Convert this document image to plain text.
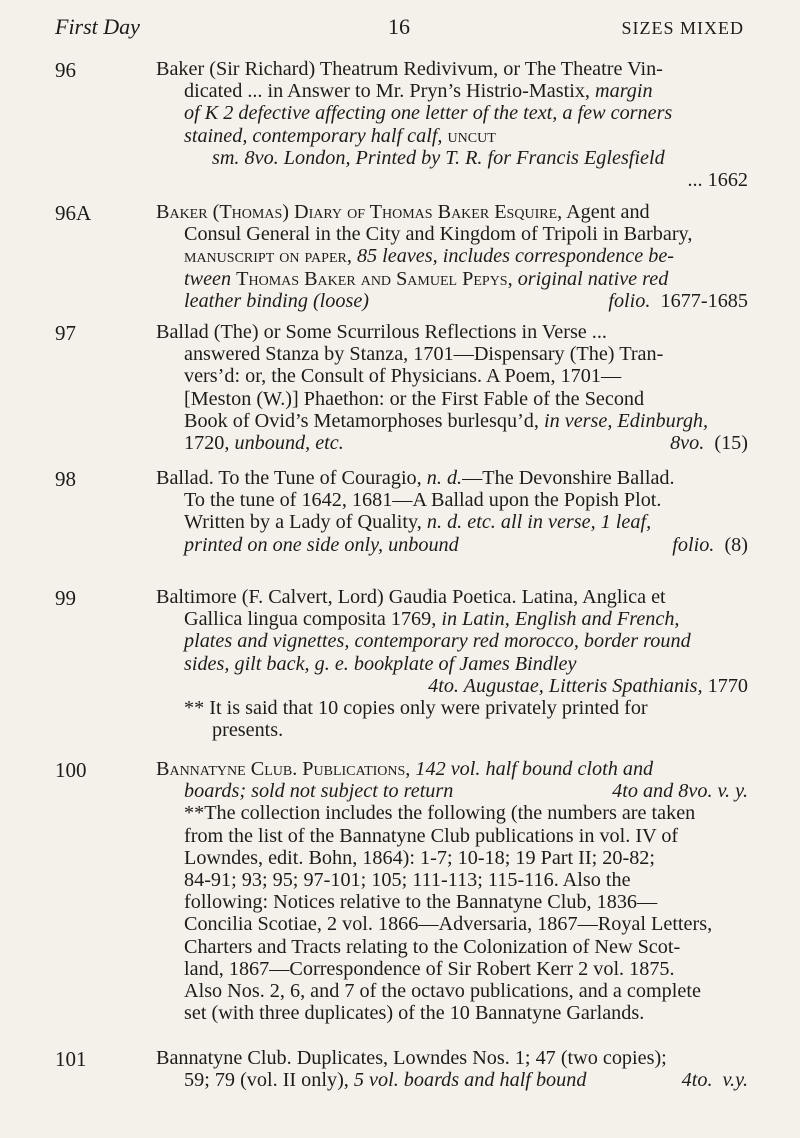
First Day	16	SIZES MIXED
96	Baker (Sir Richard) Theatrum Redivivum, or The Theatre Vin-
dicated ... in Answer to Mr. Pryn’s Histrio-Mastix, margin
of K 2 defective affecting one letter of the text, a few corners
stained, contemporary half calf, uncut
sm. 8vo. London, Printed by T. R. for Francis Eglesfield
... 1662
96A	Baker (Thomas) Diary of Thomas Baker Esquire, Agent and
Consul General in the City and Kingdom of Tripoli in Barbary,
manuscript on paper, 85 leaves, includes correspondence be-
tween Thomas Baker and Samuel Pepys, original native red
leather binding (loose)	folio.  1677-1685
97	Ballad (The) or Some Scurrilous Reflections in Verse ...
answered Stanza by Stanza, 1701—Dispensary (The) Tran-
vers’d: or, the Consult of Physicians. A Poem, 1701—
[Meston (W.)] Phaethon: or the First Fable of the Second
Book of Ovid’s Metamorphoses burlesqu’d, in verse, Edinburgh,
1720, unbound, etc.	8vo.  (15)
98	Ballad. To the Tune of Couragio, n. d.—The Devonshire Ballad.
To the tune of 1642, 1681—A Ballad upon the Popish Plot.
Written by a Lady of Quality, n. d. etc. all in verse, 1 leaf,
printed on one side only, unbound	folio.  (8)
99	Baltimore (F. Calvert, Lord) Gaudia Poetica. Latina, Anglica et
Gallica lingua composita 1769, in Latin, English and French,
plates and vignettes, contemporary red morocco, border round
sides, gilt back, g. e. bookplate of James Bindley
4to. Augustae, Litteris Spathianis, 1770
** It is said that 10 copies only were privately printed for
presents.
100	Bannatyne Club. Publications, 142 vol. half bound cloth and
boards; sold not subject to return	4to and 8vo. v. y.
**The collection includes the following (the numbers are taken
from the list of the Bannatyne Club publications in vol. IV of
Lowndes, edit. Bohn, 1864): 1-7; 10-18; 19 Part II; 20-82;
84-91; 93; 95; 97-101; 105; 111-113; 115-116. Also the
following: Notices relative to the Bannatyne Club, 1836—
Concilia Scotiae, 2 vol. 1866—Adversaria, 1867—Royal Letters,
Charters and Tracts relating to the Colonization of New Scot-
land, 1867—Correspondence of Sir Robert Kerr 2 vol. 1875.
Also Nos. 2, 6, and 7 of the octavo publications, and a complete
set (with three duplicates) of the 10 Bannatyne Garlands.
101	Bannatyne Club. Duplicates, Lowndes Nos. 1; 47 (two copies);
59; 79 (vol. II only), 5 vol. boards and half bound	4to.  v.y.
